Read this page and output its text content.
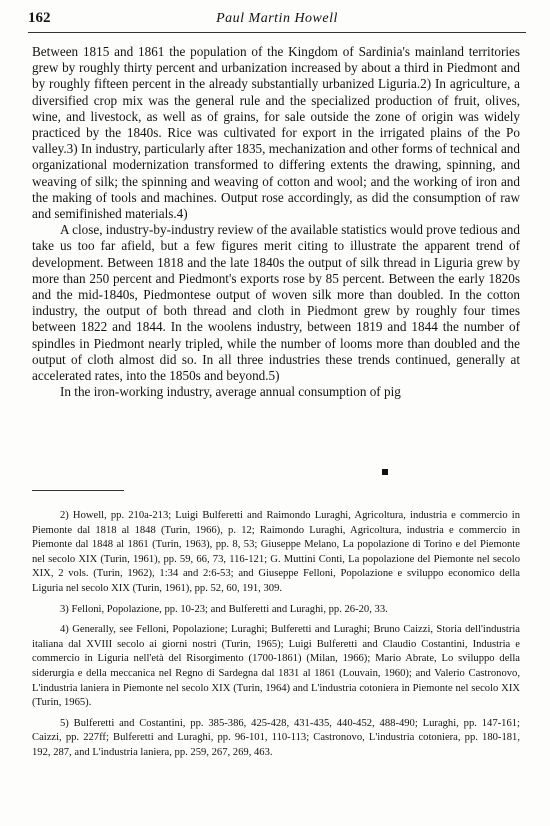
162	Paul Martin Howell

Between 1815 and 1861 the population of the Kingdom of Sardinia's mainland territories grew by roughly thirty percent and urbanization increased by about a third in Piedmont and by roughly fifteen percent in the already substantially urbanized Liguria.2) In agriculture, a diversified crop mix was the general rule and the specialized production of fruit, olives, wine, and livestock, as well as of grains, for sale outside the zone of origin was widely practiced by the 1840s. Rice was cultivated for export in the irrigated plains of the Po valley.3) In industry, particularly after 1835, mechanization and other forms of technical and organizational modernization transformed to differing extents the drawing, spinning, and weaving of silk; the spinning and weaving of cotton and wool; and the working of iron and the making of tools and machines. Output rose accordingly, as did the consumption of raw and semifinished materials.4)

A close, industry-by-industry review of the available statistics would prove tedious and take us too far afield, but a few figures merit citing to illustrate the apparent trend of development. Between 1818 and the late 1840s the output of silk thread in Liguria grew by more than 250 percent and Piedmont's exports rose by 85 percent. Between the early 1820s and the mid-1840s, Piedmontese output of woven silk more than doubled. In the cotton industry, the output of both thread and cloth in Piedmont grew by roughly four times between 1822 and 1844. In the woolens industry, between 1819 and 1844 the number of spindles in Piedmont nearly tripled, while the number of looms more than doubled and the output of cloth almost did so. In all three industries these trends continued, generally at accelerated rates, into the 1850s and beyond.5)

In the iron-working industry, average annual consumption of pig

2) Howell, pp. 210a-213; Luigi Bulferetti and Raimondo Luraghi, Agricoltura, industria e commercio in Piemonte dal 1818 al 1848 (Turin, 1966), p. 12; Raimondo Luraghi, Agricoltura, industria e commercio in Piemonte dal 1848 al 1861 (Turin, 1963), pp. 8, 53; Giuseppe Melano, La popolazione di Torino e del Piemonte nel secolo XIX (Turin, 1961), pp. 59, 66, 73, 116-121; G. Muttini Conti, La popolazione del Piemonte nel secolo XIX, 2 vols. (Turin, 1962), 1:34 and 2:6-53; and Giuseppe Felloni, Popolazione e sviluppo economico della Liguria nel secolo XIX (Turin, 1961), pp. 52, 60, 191, 309.

3) Felloni, Popolazione, pp. 10-23; and Bulferetti and Luraghi, pp. 26-20, 33.

4) Generally, see Felloni, Popolazione; Luraghi; Bulferetti and Luraghi; Bruno Caizzi, Storia dell'industria italiana dal XVIII secolo ai giorni nostri (Turin, 1965); Luigi Bulferetti and Claudio Costantini, Industria e commercio in Liguria nell'età del Risorgimento (1700-1861) (Milan, 1966); Mario Abrate, Lo sviluppo della siderurgia e della meccanica nel Regno di Sardegna dal 1831 al 1861 (Louvain, 1960); and Valerio Castronovo, L'industria laniera in Piemonte nel secolo XIX (Turin, 1964) and L'industria cotoniera in Piemonte nel secolo XIX (Turin, 1965).

5) Bulferetti and Costantini, pp. 385-386, 425-428, 431-435, 440-452, 488-490; Luraghi, pp. 147-161; Caizzi, pp. 227ff; Bulferetti and Luraghi, pp. 96-101, 110-113; Castronovo, L'industria cotoniera, pp. 180-181, 192, 287, and L'industria laniera, pp. 259, 267, 269, 463.
